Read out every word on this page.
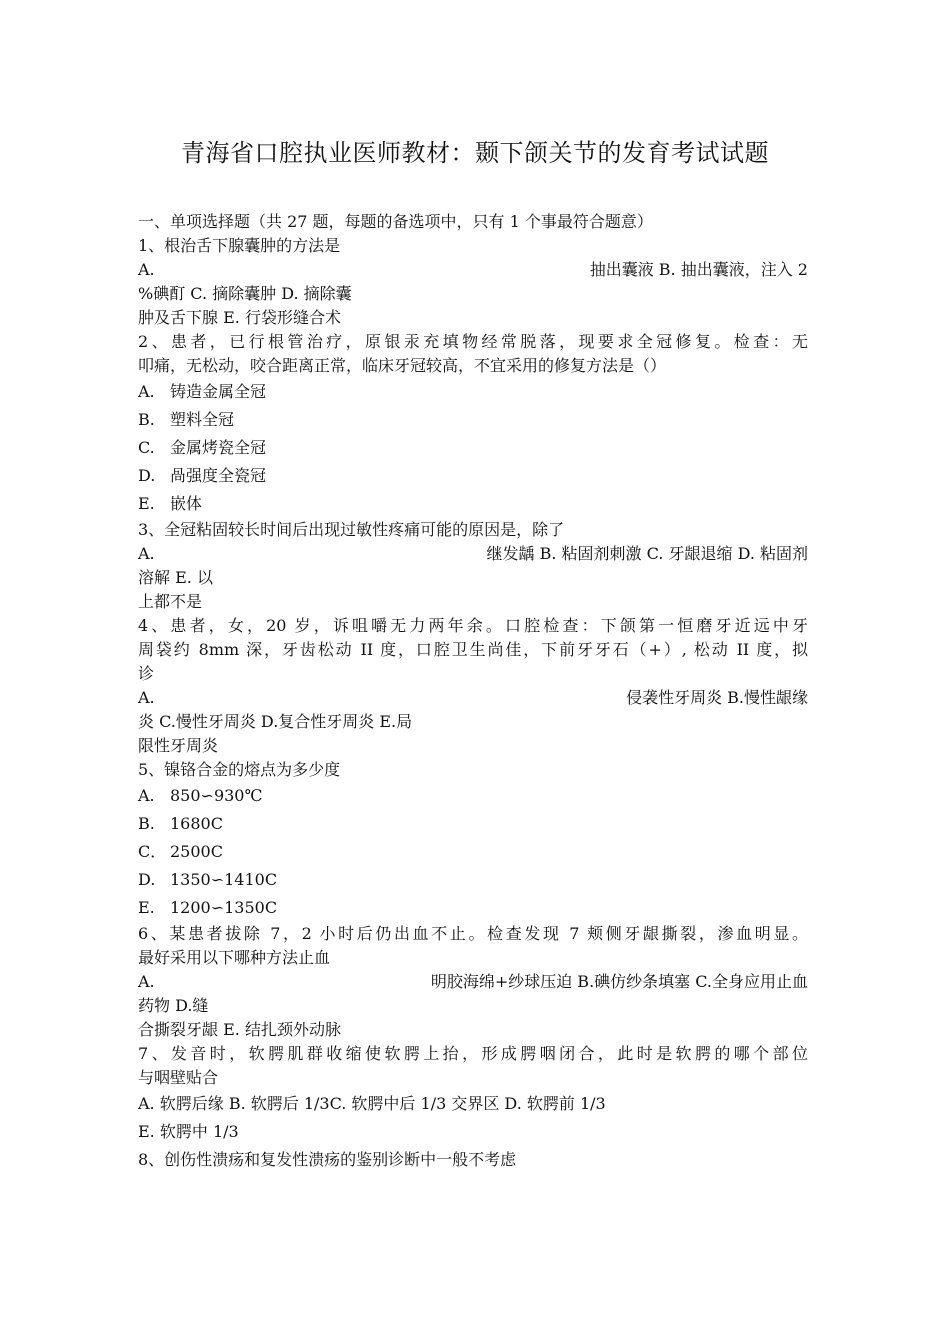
青海省口腔执业医师教材：颞下颌关节的发育考试试题
一、单项选择题（共 27 题，每题的备选项中，只有 1 个事最符合题意）
1、根治舌下腺囊肿的方法是
A.	抽出囊液 B. 抽出囊液，注入 2
%碘酊 C. 摘除囊肿 D. 摘除囊
肿及舌下腺 E. 行袋形缝合术
2、患者，已行根管治疗，原银汞充填物经常脱落，现要求全冠修复。检查：无
叩痛，无松动，咬合距离正常，临床牙冠较高，不宜采用的修复方法是（）
A. 铸造金属全冠
B. 塑料全冠
C. 金属烤瓷全冠
D. 咼强度全瓷冠
E. 嵌体
3、全冠粘固较长时间后出现过敏性疼痛可能的原因是，除了
A.	继发龋 B. 粘固剂刺激 C. 牙龈退缩 D. 粘固剂
溶解 E. 以
上都不是
4、患者，女，20 岁，诉咀嚼无力两年余。口腔检查：下颌第一恒磨牙近远中牙
周袋约 8mm 深，牙齿松动 II 度，口腔卫生尚佳，下前牙牙石（+）, 松动 II 度，拟
诊
A.	侵袭性牙周炎 B.慢性龈缘
炎 C.慢性牙周炎 D.复合性牙周炎 E.局
限性牙周炎
5、镍铬合金的熔点为多少度
A. 850∽930℃
B. 1680C
C． 2500C
D. 1350∽1410C
E. 1200∽1350C
6、某患者拔除 7，2 小时后仍出血不止。检查发现 7 颊侧牙龈撕裂，渗血明显。
最好采用以下哪种方法止血
A.	明胶海绵+纱球压迫 B.碘仿纱条填塞 C.全身应用止血
药物 D.缝
合撕裂牙龈 E. 结扎颈外动脉
7、发音时，软腭肌群收缩使软腭上抬，形成腭咽闭合，此时是软腭的哪个部位
与咽壁贴合
A. 软腭后缘 B. 软腭后 1/3C. 软腭中后 1/3 交界区 D. 软腭前 1/3
E. 软腭中 1/3
8、创伤性溃疡和复发性溃疡的鉴别诊断中一般不考虑
